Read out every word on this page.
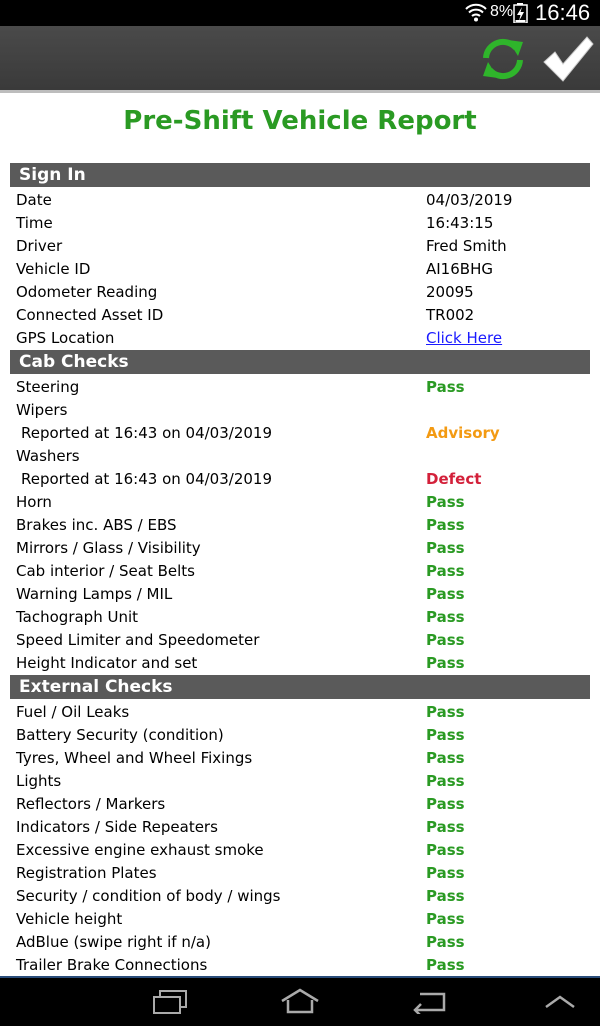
8% 16:46
Pre-Shift Vehicle Report
Sign In
Date	04/03/2019
Time	16:43:15
Driver	Fred Smith
Vehicle ID	AI16BHG
Odometer Reading	20095
Connected Asset ID	TR002
GPS Location	Click Here
Cab Checks
Steering	Pass
Wipers
Reported at 16:43 on 04/03/2019	Advisory
Washers
Reported at 16:43 on 04/03/2019	Defect
Horn	Pass
Brakes inc. ABS / EBS	Pass
Mirrors / Glass / Visibility	Pass
Cab interior / Seat Belts	Pass
Warning Lamps / MIL	Pass
Tachograph Unit	Pass
Speed Limiter and Speedometer	Pass
Height Indicator and set	Pass
External Checks
Fuel / Oil Leaks	Pass
Battery Security (condition)	Pass
Tyres, Wheel and Wheel Fixings	Pass
Lights	Pass
Reflectors / Markers	Pass
Indicators / Side Repeaters	Pass
Excessive engine exhaust smoke	Pass
Registration Plates	Pass
Security / condition of body / wings	Pass
Vehicle height	Pass
AdBlue (swipe right if n/a)	Pass
Trailer Brake Connections	Pass
